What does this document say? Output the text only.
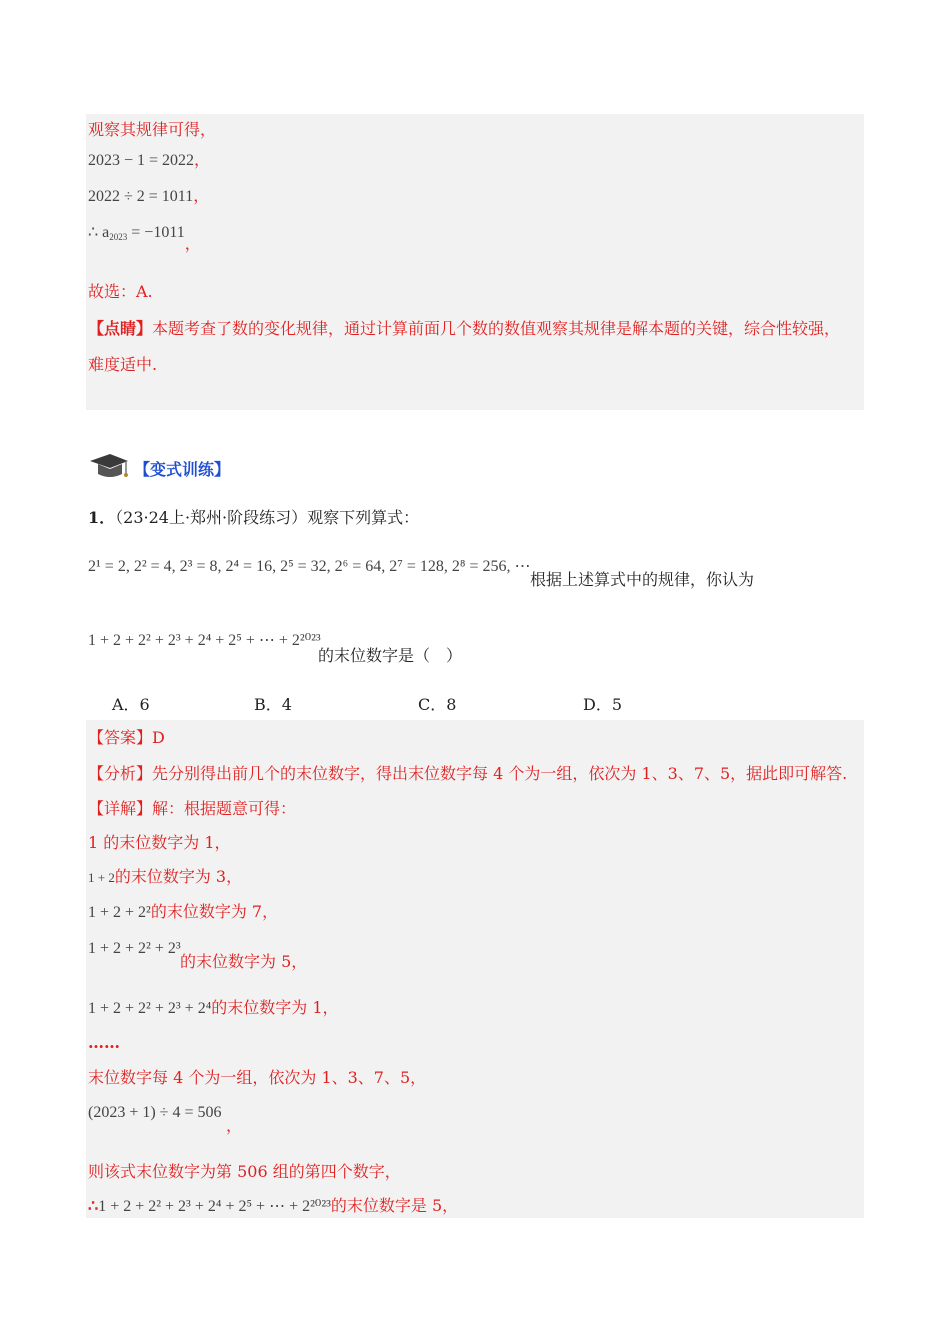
观察其规律可得，
2023 − 1 = 2022，
2022 ÷ 2 = 1011，
∴ $a_{2023} = -1011$，
故选：A.
【点睛】本题考查了数的变化规律，通过计算前面几个数的数值观察其规律是解本题的关键，综合性较强，
难度适中.
【变式训练】
1．（23·24上·郑州·阶段练习）观察下列算式：
2¹ = 2, 2² = 4, 2³ = 8, 2⁴ = 16, 2⁵ = 32, 2⁶ = 64, 2⁷ = 128, 2⁸ = 256, ⋯
根据上述算式中的规律，你认为
1 + 2 + 2² + 2³ + 2⁴ + 2⁵ + ⋯ + 2²⁰²³
的末位数字是（　）
A．6	B．4	C．8	D．5
【答案】D
【分析】先分别得出前几个的末位数字，得出末位数字每 4 个为一组，依次为 1、3、7、5，据此即可解答.
【详解】解：根据题意可得：
1 的末位数字为 1，
1 + 2的末位数字为 3，
1 + 2 + 2²的末位数字为 7，
1 + 2 + 2² + 2³
的末位数字为 5，
1 + 2 + 2² + 2³ + 2⁴的末位数字为 1，
……
末位数字每 4 个为一组，依次为 1、3、7、5，
(2023 + 1) ÷ 4 = 506
，
则该式末位数字为第 506 组的第四个数字，
∴1 + 2 + 2² + 2³ + 2⁴ + 2⁵ + ⋯ + 2²⁰²³的末位数字是 5，
